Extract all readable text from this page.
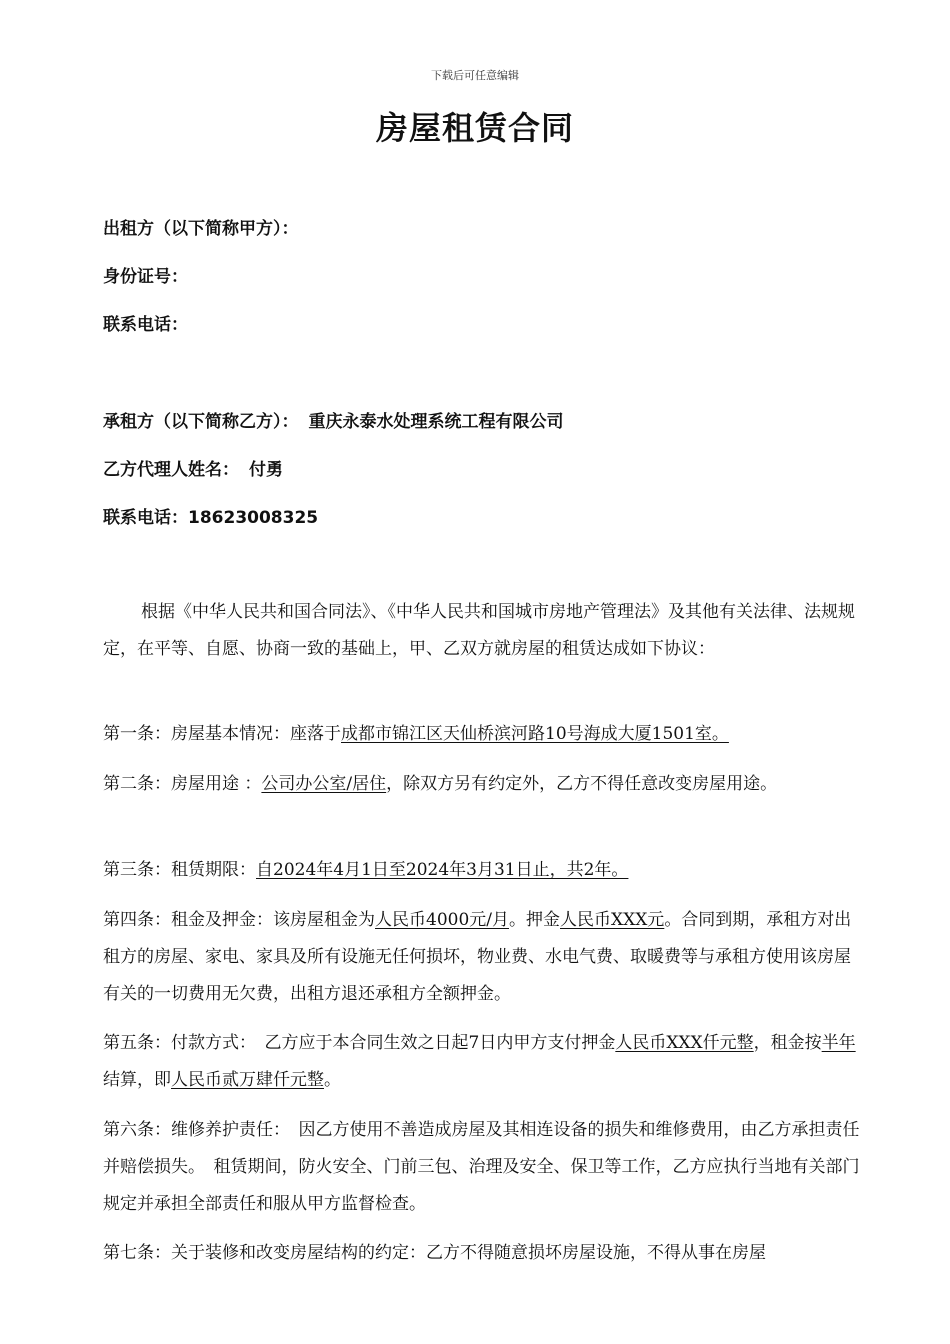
下载后可任意编辑
房屋租赁合同
出租方（以下简称甲方）：
身份证号：
联系电话：
承租方（以下简称乙方）： 重庆永泰水处理系统工程有限公司
乙方代理人姓名： 付勇
联系电话：18623008325
根据《中华人民共和国合同法》、《中华人民共和国城市房地产管理法》及其他有关法律、法规规定，在平等、自愿、协商一致的基础上，甲、乙双方就房屋的租赁达成如下协议：
第一条：房屋基本情况：座落于成都市锦江区天仙桥滨河路10号海成大厦1501室。
第二条：房屋用途 ：公司办公室/居住，除双方另有约定外，乙方不得任意改变房屋用途。
第三条：租赁期限：自2024年4月1日至2024年3月31日止，共2年。
第四条：租金及押金：该房屋租金为人民币4000元/月。押金人民币XXX元。合同到期，承租方对出租方的房屋、家电、家具及所有设施无任何损坏，物业费、水电气费、取暖费等与承租方使用该房屋有关的一切费用无欠费，出租方退还承租方全额押金。
第五条：付款方式：　乙方应于本合同生效之日起7日内甲方支付押金人民币XXX仟元整，租金按半年结算，即人民币贰万肆仟元整。
第六条：维修养护责任：　因乙方使用不善造成房屋及其相连设备的损失和维修费用，由乙方承担责任并赔偿损失。　租赁期间，防火安全、门前三包、治理及安全、保卫等工作，乙方应执行当地有关部门规定并承担全部责任和服从甲方监督检查。
第七条：关于装修和改变房屋结构的约定：乙方不得随意损坏房屋设施，不得从事在房屋
